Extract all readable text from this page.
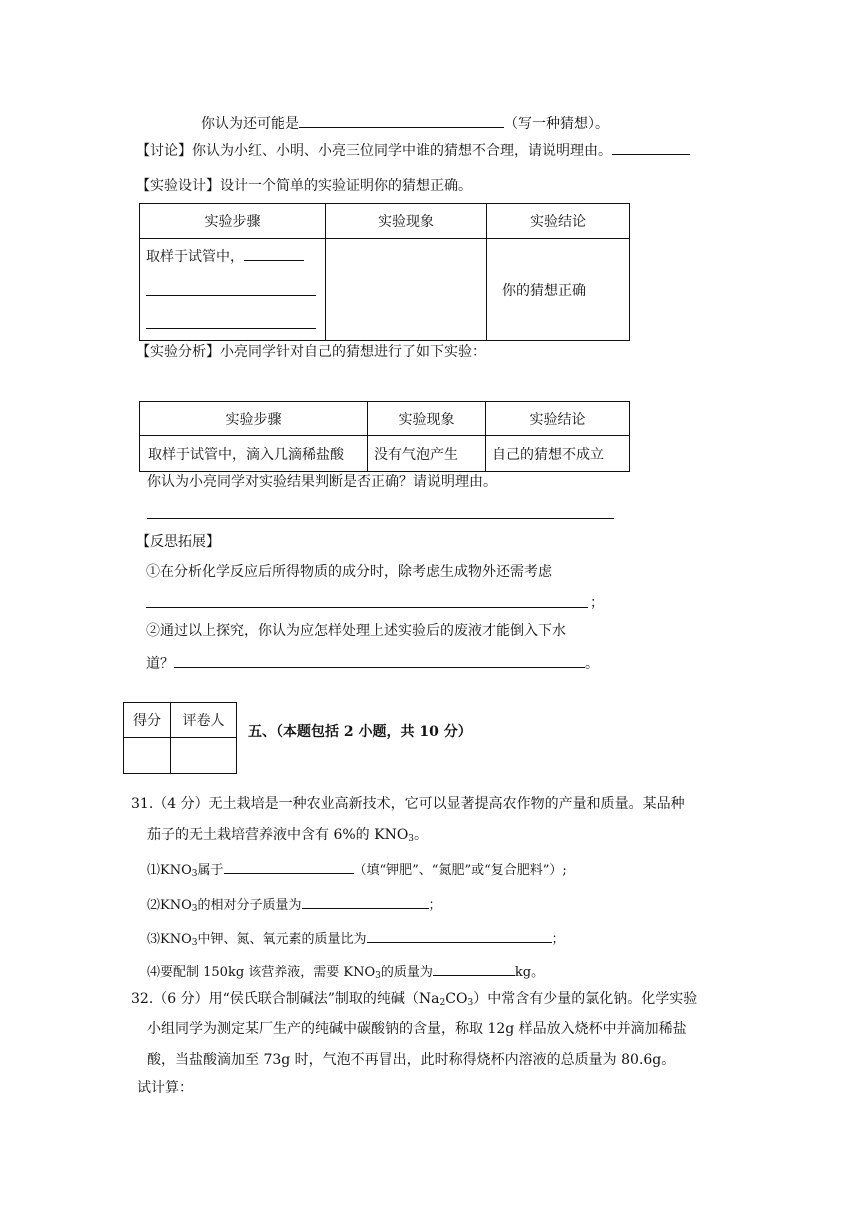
你认为还可能是	（写一种猜想）。
【讨论】你认为小红、小明、小亮三位同学中谁的猜想不合理，请说明理由。
【实验设计】设计一个简单的实验证明你的猜想正确。
实验步骤	实验现象	实验结论

取样于试管中，		你的猜想正确
【实验分析】小亮同学针对自己的猜想进行了如下实验：
实验步骤	实验现象	实验结论
取样于试管中，滴入几滴稀盐酸	没有气泡产生	自己的猜想不成立
你认为小亮同学对实验结果判断是否正确？请说明理由。
【反思拓展】
①在分析化学反应后所得物质的成分时，除考虑生成物外还需考虑
；
②通过以上探究，你认为应怎样处理上述实验后的废液才能倒入下水
道？	。
得分	评卷人

五、（本题包括 2 小题，共 10 分）
31.（4 分）无土栽培是一种农业高新技术，它可以显著提高农作物的产量和质量。某品种
茄子的无土栽培营养液中含有 6%的 $KNO_3$。
$⑴KNO_3$属于	（填“钾肥”、“氮肥”或“复合肥料”）;
$⑵KNO_3$的相对分子质量为	；
$⑶KNO_3$中钾、氮、氧元素的质量比为	；
⑷要配制 150kg 该营养液，需要 $KNO_3$的质量为	kg。
32.（6 分）用“侯氏联合制碱法”制取的纯碱$(Na_2CO_3)$中常含有少量的氯化钠。化学实验
小组同学为测定某厂生产的纯碱中碳酸钠的含量，称取 12g 样品放入烧杯中并滴加稀盐
酸，当盐酸滴加至 73g 时，气泡不再冒出，此时称得烧杯内溶液的总质量为 80.6g。
试计算：
